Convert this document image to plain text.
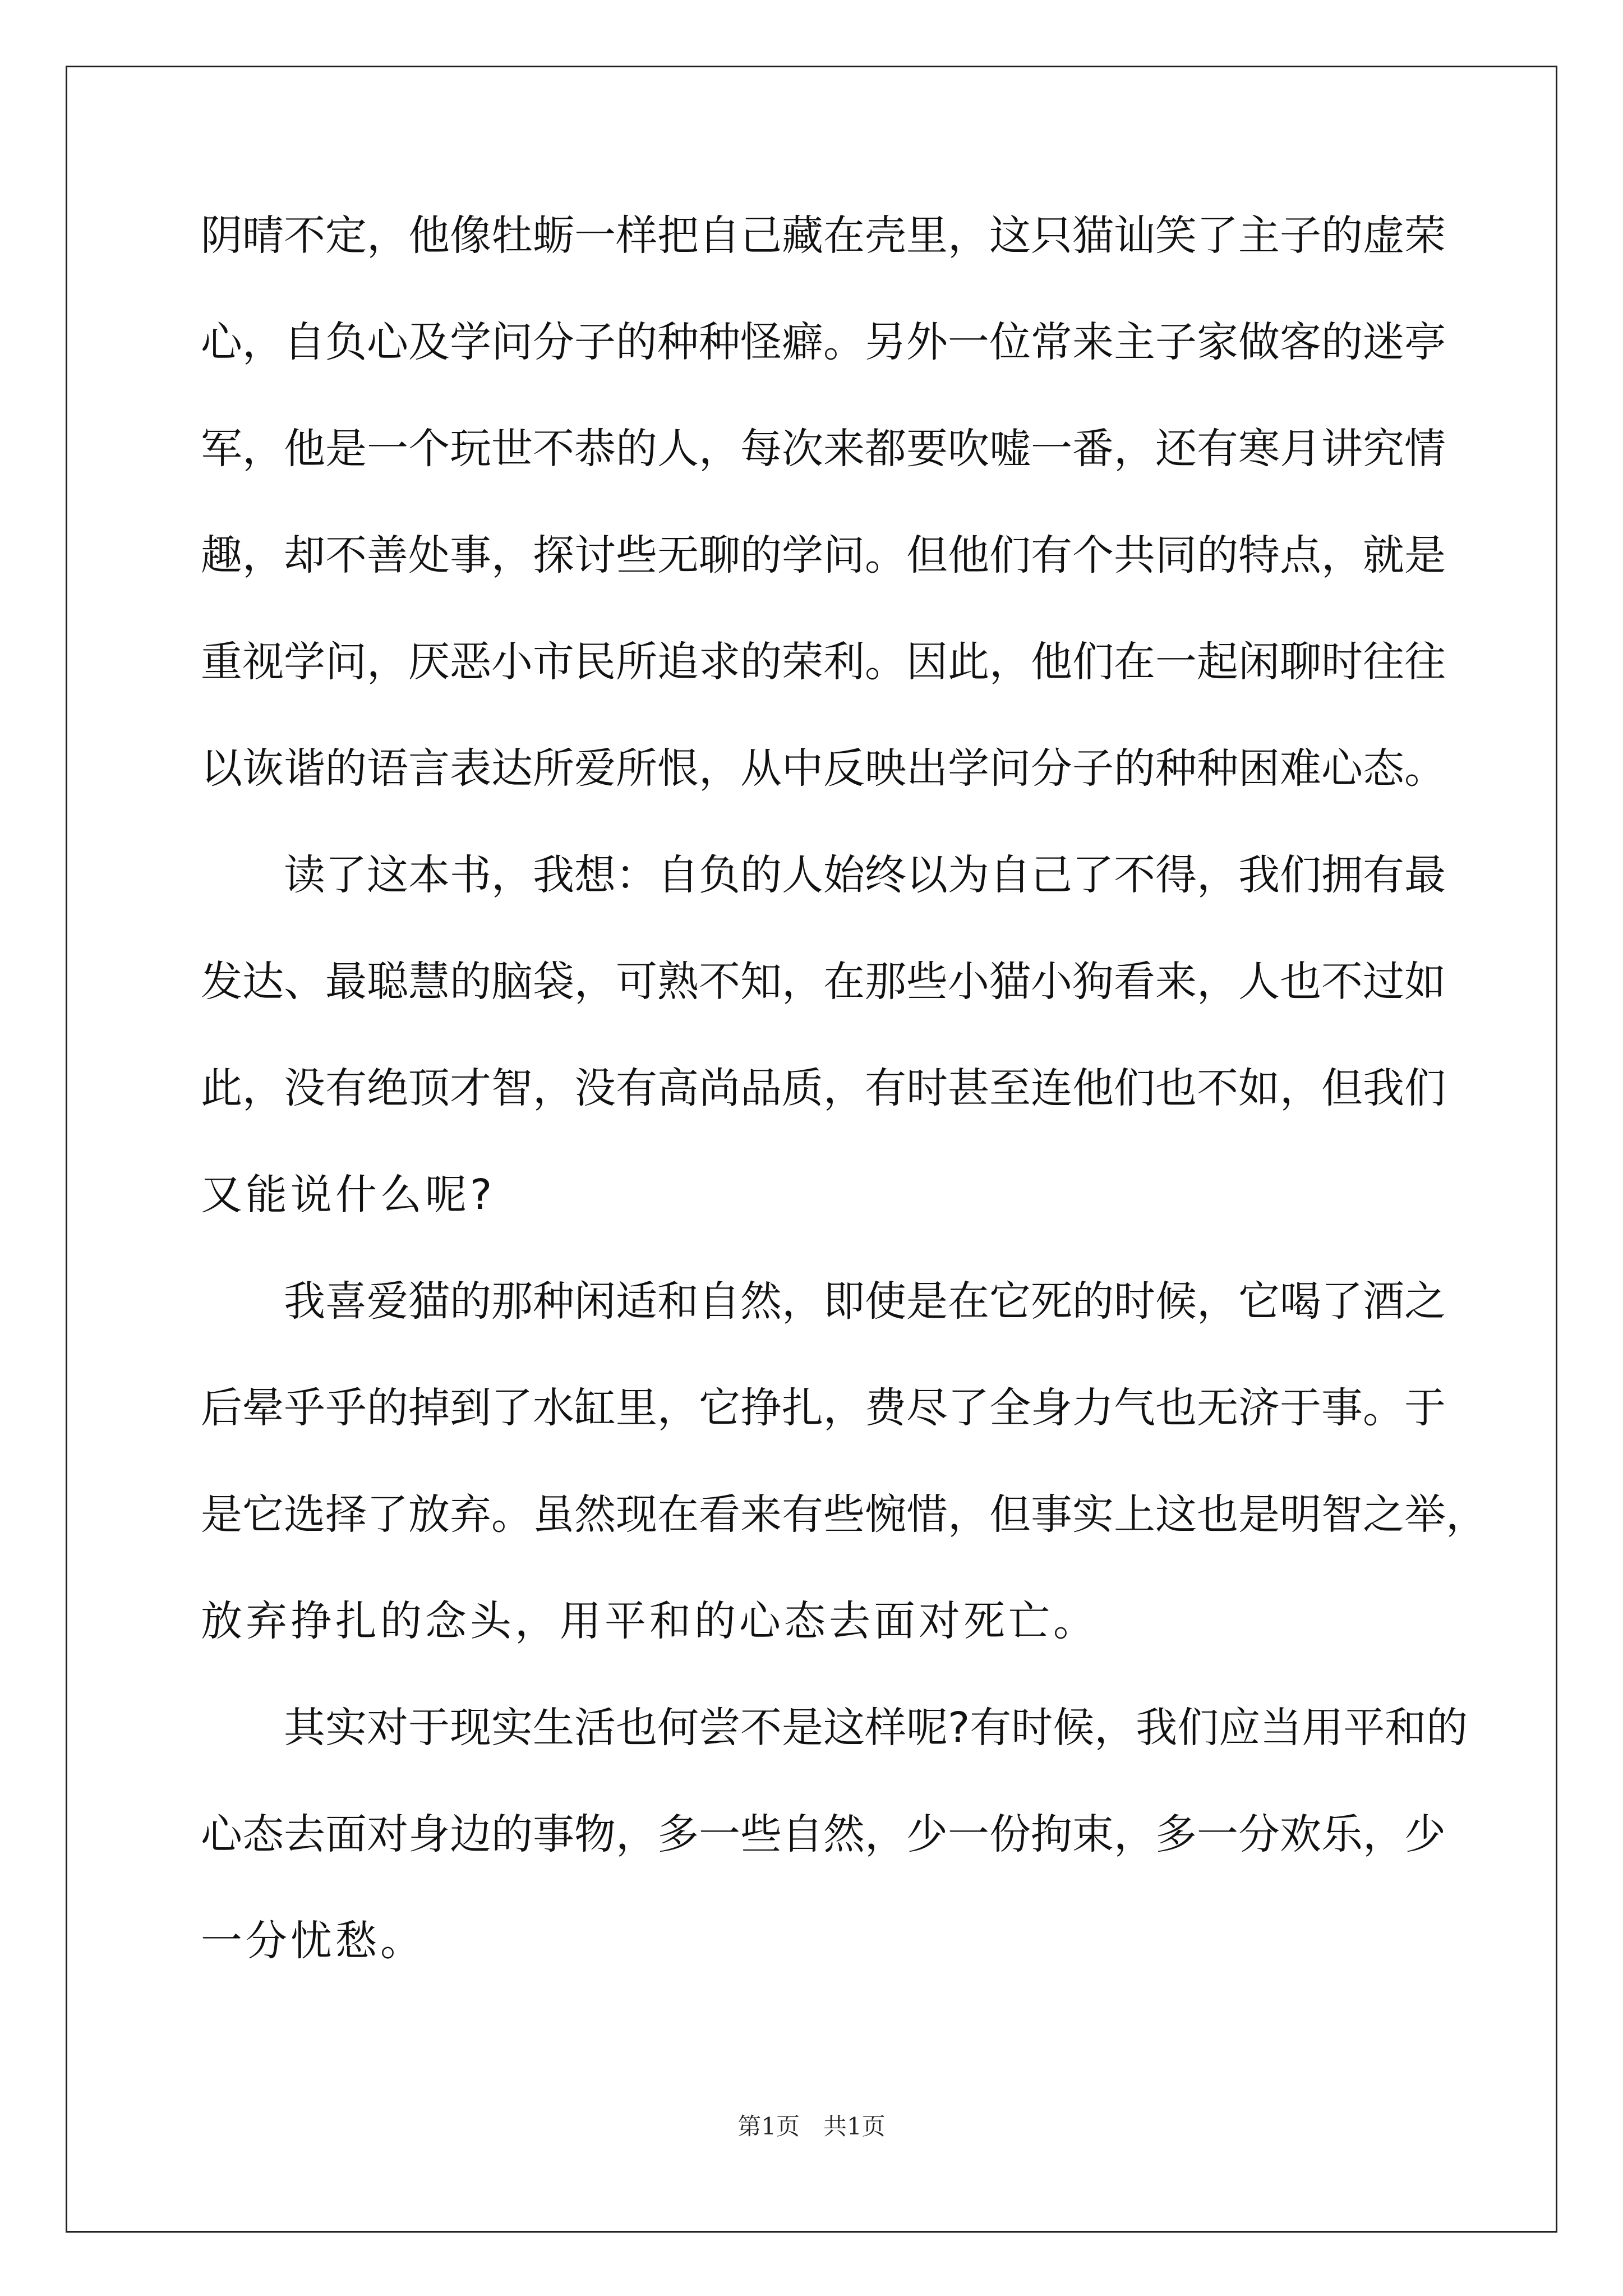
阴晴不定，他像牡蛎一样把自己藏在壳里，这只猫讪笑了主子的虚荣
心，自负心及学问分子的种种怪癖。另外一位常来主子家做客的迷亭
军，他是一个玩世不恭的人，每次来都要吹嘘一番，还有寒月讲究情
趣，却不善处事，探讨些无聊的学问。但他们有个共同的特点，就是
重视学问，厌恶小市民所追求的荣利。因此，他们在一起闲聊时往往
以诙谐的语言表达所爱所恨，从中反映出学问分子的种种困难心态。
读了这本书，我想：自负的人始终以为自己了不得，我们拥有最
发达、最聪慧的脑袋，可熟不知，在那些小猫小狗看来，人也不过如
此，没有绝顶才智，没有高尚品质，有时甚至连他们也不如，但我们
又能说什么呢?
我喜爱猫的那种闲适和自然，即使是在它死的时候，它喝了酒之
后晕乎乎的掉到了水缸里，它挣扎，费尽了全身力气也无济于事。于
是它选择了放弃。虽然现在看来有些惋惜，但事实上这也是明智之举，
放弃挣扎的念头，用平和的心态去面对死亡。
其实对于现实生活也何尝不是这样呢?有时候，我们应当用平和的
心态去面对身边的事物，多一些自然，少一份拘束，多一分欢乐，少
一分忧愁。
第1页　共1页
